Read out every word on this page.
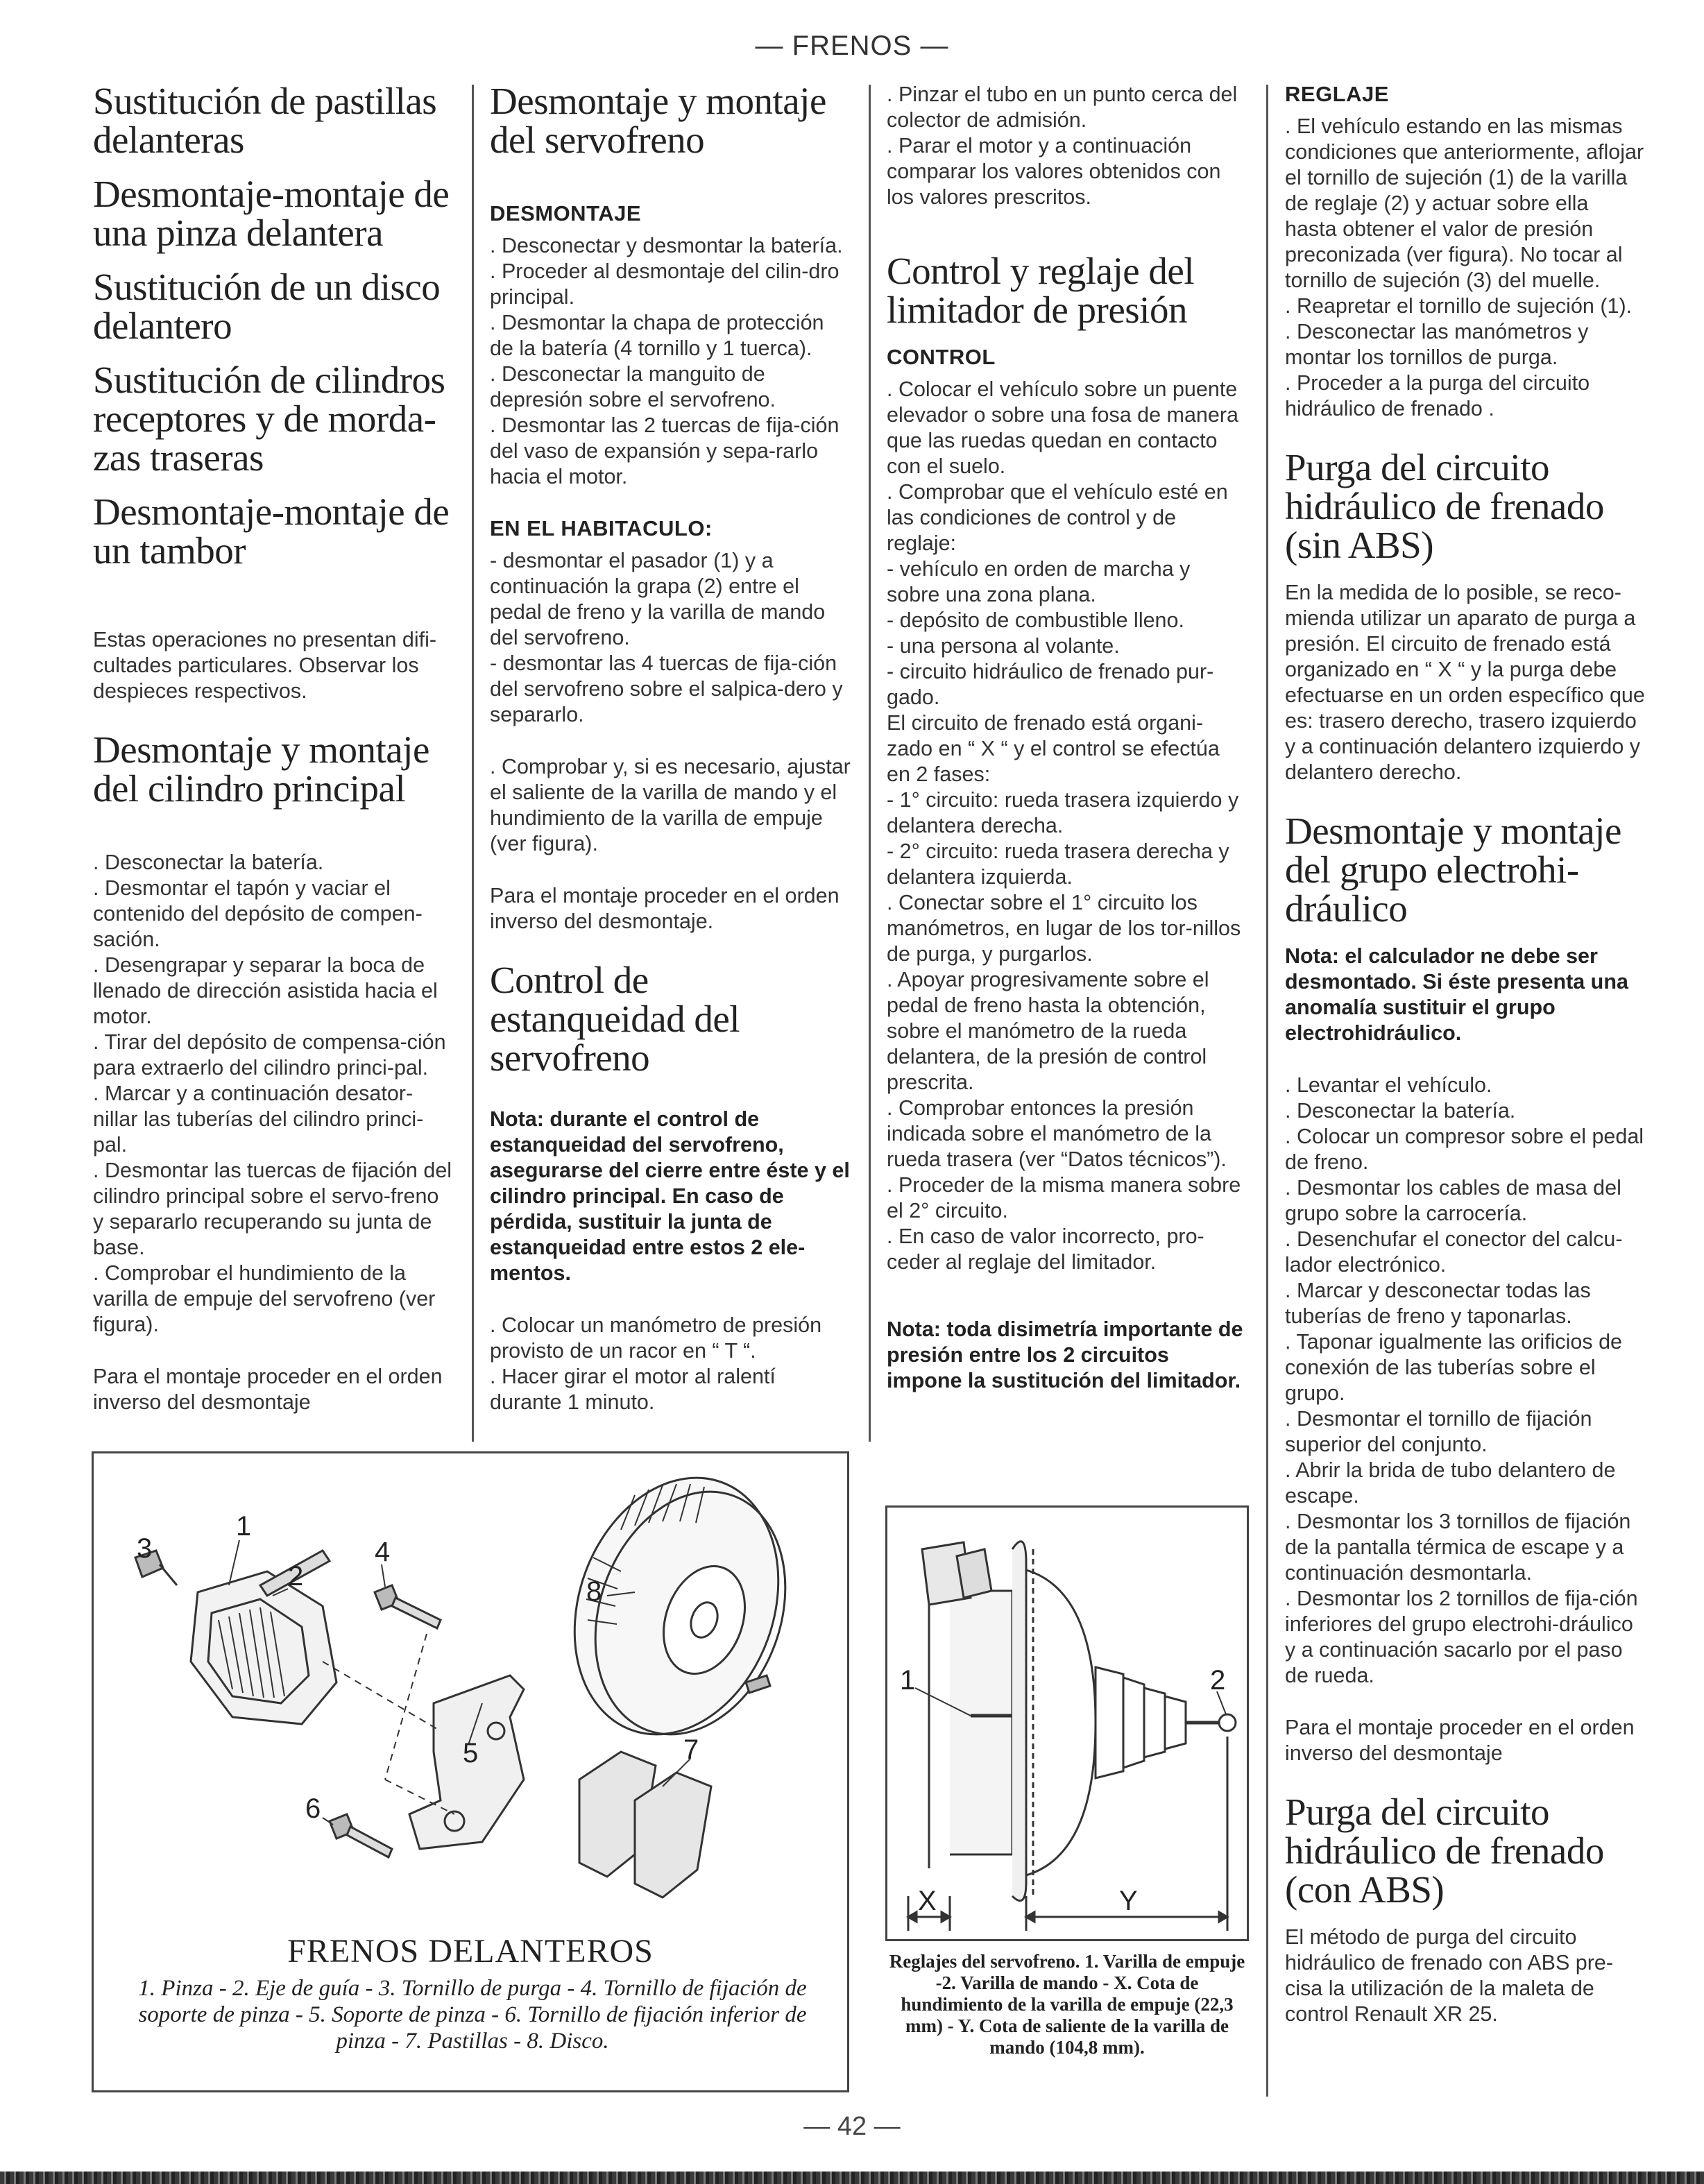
— FRENOS —
Sustitución de pastillas delanteras
Desmontaje-montaje de una pinza delantera
Sustitución de un disco delantero
Sustitución de cilindros receptores y de morda-zas traseras
Desmontaje-montaje de un tambor

Estas operaciones no presentan difi-cultades particulares. Observar los despieces respectivos.

Desmontaje y montaje del cilindro principal

. Desconectar la batería.

. Desmontar el tapón y vaciar el contenido del depósito de compen-sación.

. Desengrapar y separar la boca de llenado de dirección asistida hacia el motor.

. Tirar del depósito de compensa-ción para extraerlo del cilindro princi-pal.

. Marcar y a continuación desator-nillar las tuberías del cilindro princi-pal.

. Desmontar las tuercas de fijación del cilindro principal sobre el servo-freno y separarlo recuperando su junta de base.

. Comprobar el hundimiento de la varilla de empuje del servofreno (ver figura).

Para el montaje proceder en el orden inverso del desmontaje

Desmontaje y montaje del servofreno
DESMONTAJE

. Desconectar y desmontar la batería.

. Proceder al desmontaje del cilin-dro principal.

. Desmontar la chapa de protección de la batería (4 tornillo y 1 tuerca).

. Desconectar la manguito de depresión sobre el servofreno.

. Desmontar las 2 tuercas de fija-ción del vaso de expansión y sepa-rarlo hacia el motor.

EN EL HABITACULO:

- desmontar el pasador (1) y a continuación la grapa (2) entre el pedal de freno y la varilla de mando del servofreno.

- desmontar las 4 tuercas de fija-ción del servofreno sobre el salpica-dero y separarlo.

. Comprobar y, si es necesario, ajustar el saliente de la varilla de mando y el hundimiento de la varilla de empuje (ver figura).

Para el montaje proceder en el orden inverso del desmontaje.

Control de estanqueidad del servofreno

Nota: durante el control de estanqueidad del servofreno, asegurarse del cierre entre éste y el cilindro principal. En caso de pérdida, sustituir la junta de estanqueidad entre estos 2 ele-mentos.

. Colocar un manómetro de presión provisto de un racor en “ T “.

. Hacer girar el motor al ralentí durante 1 minuto.

. Pinzar el tubo en un punto cerca del colector de admisión.

. Parar el motor y a continuación comparar los valores obtenidos con los valores prescritos.

Control y reglaje del limitador de presión
CONTROL

. Colocar el vehículo sobre un puente elevador o sobre una fosa de manera que las ruedas quedan en contacto con el suelo.

. Comprobar que el vehículo esté en las condiciones de control y de reglaje:

- vehículo en orden de marcha y sobre una zona plana.

- depósito de combustible lleno.

- una persona al volante.

- circuito hidráulico de frenado pur-gado.

El circuito de frenado está organi-zado en “ X “ y el control se efectúa en 2 fases:

- 1° circuito: rueda trasera izquierdo y delantera derecha.

- 2° circuito: rueda trasera derecha y delantera izquierda.

. Conectar sobre el 1° circuito los manómetros, en lugar de los tor-nillos de purga, y purgarlos.

. Apoyar progresivamente sobre el pedal de freno hasta la obtención, sobre el manómetro de la rueda delantera, de la presión de control prescrita.

. Comprobar entonces la presión indicada sobre el manómetro de la rueda trasera (ver “Datos técnicos”).

. Proceder de la misma manera sobre el 2° circuito.

. En caso de valor incorrecto, pro-ceder al reglaje del limitador.

Nota: toda disimetría importante de presión entre los 2 circuitos impone la sustitución del limitador.

REGLAJE

. El vehículo estando en las mismas condiciones que anteriormente, aflojar el tornillo de sujeción (1) de la varilla de reglaje (2) y actuar sobre ella hasta obtener el valor de presión preconizada (ver figura). No tocar al tornillo de sujeción (3) del muelle.

. Reapretar el tornillo de sujeción (1).

. Desconectar las manómetros y montar los tornillos de purga.

. Proceder a la purga del circuito hidráulico de frenado .

Purga del circuito hidráulico de frenado (sin ABS)

En la medida de lo posible, se reco-mienda utilizar un aparato de purga a presión. El circuito de frenado está organizado en “ X “ y la purga debe efectuarse en un orden específico que es: trasero derecho, trasero izquierdo y a continuación delantero izquierdo y delantero derecho.

Desmontaje y montaje del grupo electrohi-dráulico

Nota: el calculador ne debe ser desmontado. Si éste presenta una anomalía sustituir el grupo electrohidráulico.

. Levantar el vehículo.

. Desconectar la batería.

. Colocar un compresor sobre el pedal de freno.

. Desmontar los cables de masa del grupo sobre la carrocería.

. Desenchufar el conector del calcu-lador electrónico.

. Marcar y desconectar todas las tuberías de freno y taponarlas.

. Taponar igualmente las orificios de conexión de las tuberías sobre el grupo.

. Desmontar el tornillo de fijación superior del conjunto.

. Abrir la brida de tubo delantero de escape.

. Desmontar los 3 tornillos de fijación de la pantalla térmica de escape y a continuación desmontarla.

. Desmontar los 2 tornillos de fija-ción inferiores del grupo electrohi-dráulico y a continuación sacarlo por el paso de rueda.

Para el montaje proceder en el orden inverso del desmontaje

Purga del circuito hidráulico de frenado (con ABS)

El método de purga del circuito hidráulico de frenado con ABS pre-cisa la utilización de la maleta de control Renault XR 25.

3
1
2
4
5
6
7
8
FRENOS DELANTEROS
1. Pinza - 2. Eje de guía - 3. Tornillo de purga - 4. Tornillo de fijación de soporte de pinza - 5. Soporte de pinza - 6. Tornillo de fijación inferior de pinza - 7. Pastillas - 8. Disco.
1	2
X	Y
Reglajes del servofreno. 1. Varilla de empuje -2. Varilla de mando - X. Cota de hundimiento de la varilla de empuje (22,3 mm) - Y. Cota de saliente de la varilla de mando (104,8 mm).
— 42 —
